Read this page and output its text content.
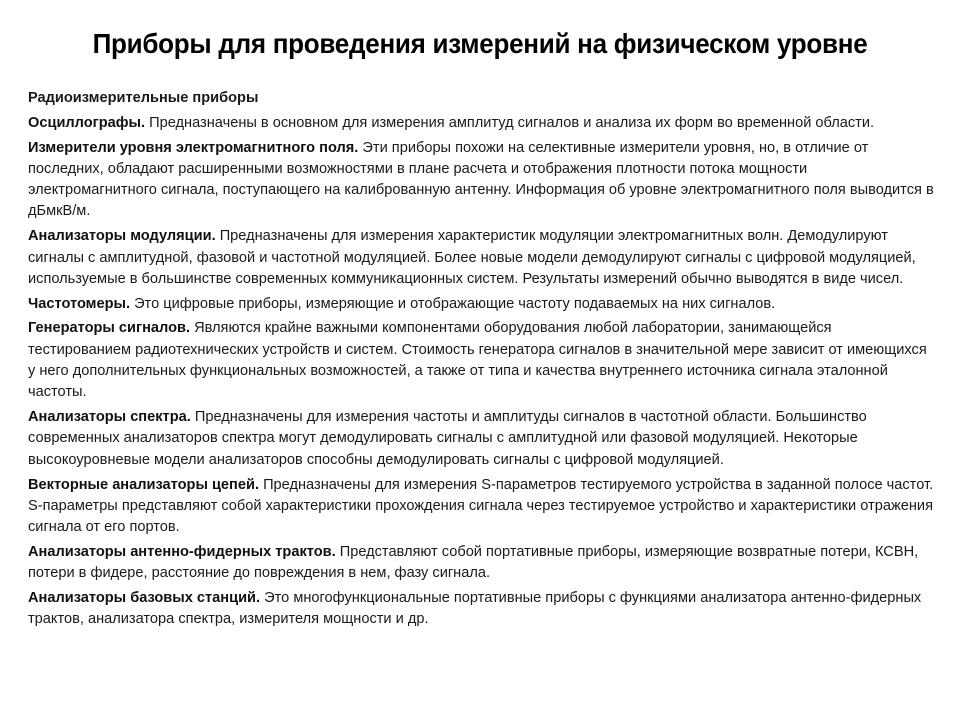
Приборы для проведения измерений на физическом уровне

Радиоизмерительные приборы

Осциллографы. Предназначены в основном для измерения амплитуд сигналов и анализа их форм во временной области.

Измерители уровня электромагнитного поля. Эти приборы похожи на селективные измерители уровня, но, в отличие от последних, обладают расширенными возможностями в плане расчета и отображения плотности потока мощности электромагнитного сигнала, поступающего на калиброванную антенну. Информация об уровне электромагнитного поля выводится в дБмкВ/м.

Анализаторы модуляции. Предназначены для измерения характеристик модуляции электромагнитных волн. Демодулируют сигналы с амплитудной, фазовой и частотной модуляцией. Более новые модели демодулируют сигналы с цифровой модуляцией, используемые в большинстве современных коммуникационных систем. Результаты измерений обычно выводятся в виде чисел.

Частотомеры. Это цифровые приборы, измеряющие и отображающие частоту подаваемых на них сигналов.

Генераторы сигналов. Являются крайне важными компонентами оборудования любой лаборатории, занимающейся тестированием радиотехнических устройств и систем. Стоимость генератора сигналов в значительной мере зависит от имеющихся у него дополнительных функциональных возможностей, а также от типа и качества внутреннего источника сигнала эталонной частоты.

Анализаторы спектра. Предназначены для измерения частоты и амплитуды сигналов в частотной области. Большинство современных анализаторов спектра могут демодулировать сигналы с амплитудной или фазовой модуляцией. Некоторые высокоуровневые модели анализаторов способны демодулировать сигналы с цифровой модуляцией.

Векторные анализаторы цепей. Предназначены для измерения S-параметров тестируемого устройства в заданной полосе частот. S-параметры представляют собой характеристики прохождения сигнала через тестируемое устройство и характеристики отражения сигнала от его портов.

Анализаторы антенно-фидерных трактов. Представляют собой портативные приборы, измеряющие возвратные потери, КСВН, потери в фидере, расстояние до повреждения в нем, фазу сигнала.

Анализаторы базовых станций. Это многофункциональные портативные приборы с функциями анализатора антенно-фидерных трактов, анализатора спектра, измерителя мощности и др.
